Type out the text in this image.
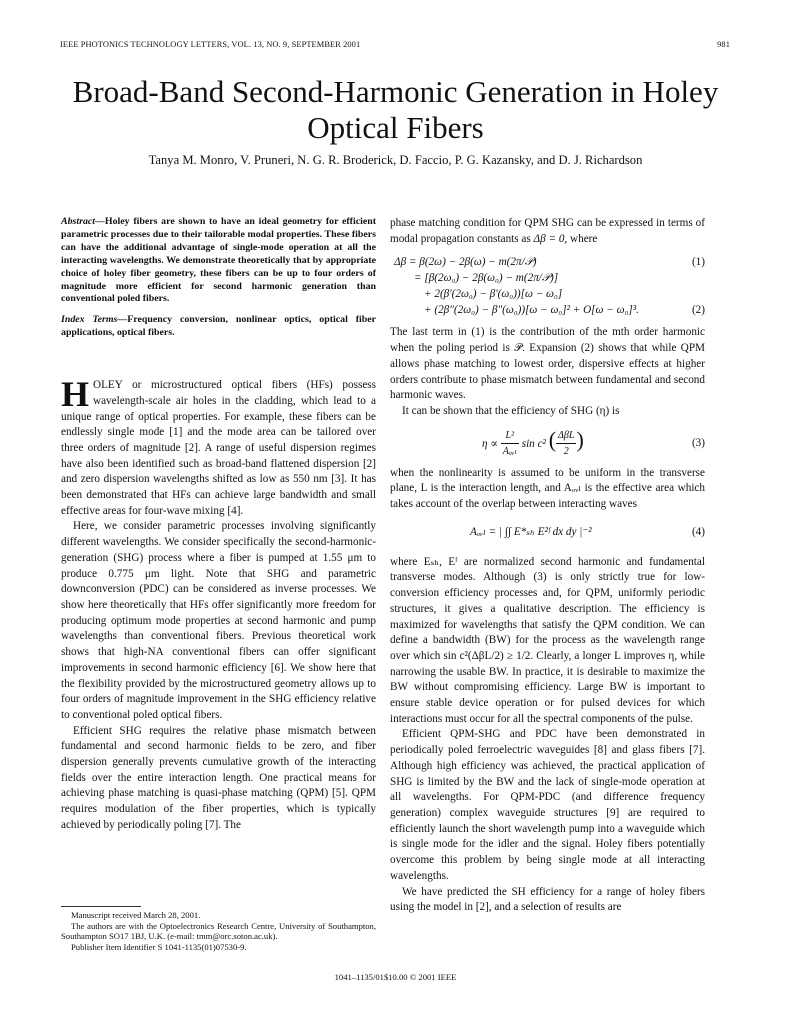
IEEE PHOTONICS TECHNOLOGY LETTERS, VOL. 13, NO. 9, SEPTEMBER 2001	981
Broad-Band Second-Harmonic Generation in Holey Optical Fibers
Tanya M. Monro, V. Pruneri, N. G. R. Broderick, D. Faccio, P. G. Kazansky, and D. J. Richardson

Abstract—Holey fibers are shown to have an ideal geometry for efficient parametric processes due to their tailorable modal properties. These fibers can have the additional advantage of single-mode operation at all the interacting wavelengths. We demonstrate theoretically that by appropriate choice of holey fiber geometry, these fibers can be up to four orders of magnitude more efficient for second harmonic generation than conventional poled fibers.

Index Terms—Frequency conversion, nonlinear optics, optical fiber applications, optical fibers.

HOLEY or microstructured optical fibers (HFs) possess wavelength-scale air holes in the cladding, which lead to a unique range of optical properties. For example, these fibers can be endlessly single mode [1] and the mode area can be tailored over three orders of magnitude [2]. A range of useful dispersion regimes have also been identified such as broad-band flattened dispersion [2] and zero dispersion wavelengths shifted as low as 550 nm [3]. It has been demonstrated that HFs can achieve large bandwidth and small effective areas for four-wave mixing [4].

Here, we consider parametric processes involving significantly different wavelengths. We consider specifically the second-harmonic-generation (SHG) process where a fiber is pumped at 1.55 μm to produce 0.775 μm light. Note that SHG and parametric downconversion (PDC) can be considered as inverse processes. We show here theoretically that HFs offer significantly more freedom for producing optimum mode properties at second harmonic and pump wavelengths than conventional fibers. Previous theoretical work shows that high-NA conventional fibers can offer significant improvements in second harmonic efficiency [6]. We show here that the flexibility provided by the microstructured geometry allows up to four orders of magnitude improvement in the SHG efficiency relative to conventional poled optical fibers.

Efficient SHG requires the relative phase mismatch between fundamental and second harmonic fields to be zero, and fiber dispersion generally prevents cumulative growth of the interacting fields over the entire interaction length. One practical means for achieving phase matching is quasi-phase matching (QPM) [5]. QPM requires modulation of the fiber properties, which is typically achieved by periodically poling [7]. The

Manuscript received March 28, 2001.

The authors are with the Optoelectronics Research Centre, University of Southampton, Southampton SO17 1BJ, U.K. (e-mail: tmm@orc.soton.ac.uk).

Publisher Item Identifier S 1041-1135(01)07530-9.

phase matching condition for QPM SHG can be expressed in terms of modal propagation constants as Δβ = 0, where

Δβ = β(2ω) − 2β(ω) − m(2π/𝒫)	(1)
= [β(2ω₀) − 2β(ω₀) − m(2π/𝒫)]
+ 2(β′(2ω₀) − β′(ω₀))[ω − ω₀]
+ (2β″(2ω₀) − β″(ω₀))[ω − ω₀]² + O[ω − ω₀]³.	(2)

The last term in (1) is the contribution of the mth order harmonic when the poling period is 𝒫. Expansion (2) shows that while QPM allows phase matching to lowest order, dispersive effects at higher orders contribute to phase mismatch between fundamental and second harmonic waves.

It can be shown that the efficiency of SHG (η) is

$\eta \propto \frac{\text{L²}}{\text{Aₒᵥₗ}}$ sin c² ( $\frac{\text{ΔβL}}{2}$ )	(3)

when the nonlinearity is assumed to be uniform in the transverse plane, L is the interaction length, and Aₒᵥₗ is the effective area which takes account of the overlap between interacting waves

Aₒᵥₗ = | ∫∫ E*ₛₕ E²ᶠ dx dy |⁻²	(4)

where Eₛₕ, Eᶠ are normalized second harmonic and fundamental transverse modes. Although (3) is only strictly true for low-conversion efficiency processes and, for QPM, uniformly periodic structures, it gives a qualitative description. The efficiency is maximized for wavelengths that satisfy the QPM condition. We can define a bandwidth (BW) for the process as the wavelength range over which sin c²(ΔβL/2) ≥ 1/2. Clearly, a longer L improves η, while narrowing the usable BW. In practice, it is desirable to maximize the BW without compromising efficiency. Large BW is important to ensure stable device operation or for pulsed devices for which interactions must occur for all the spectral components of the pulse.

Efficient QPM-SHG and PDC have been demonstrated in periodically poled ferroelectric waveguides [8] and glass fibers [7]. Although high efficiency was achieved, the practical application of SHG is limited by the BW and the lack of single-mode operation at all wavelengths. For QPM-PDC (and difference frequency generation) complex waveguide structures [9] are required to efficiently launch the short wavelength pump into a waveguide which is single mode for the idler and the signal. Holey fibers potentially overcome this problem by being single mode at all interacting wavelengths.

We have predicted the SH efficiency for a range of holey fibers using the model in [2], and a selection of results are

1041–1135/01$10.00 © 2001 IEEE
